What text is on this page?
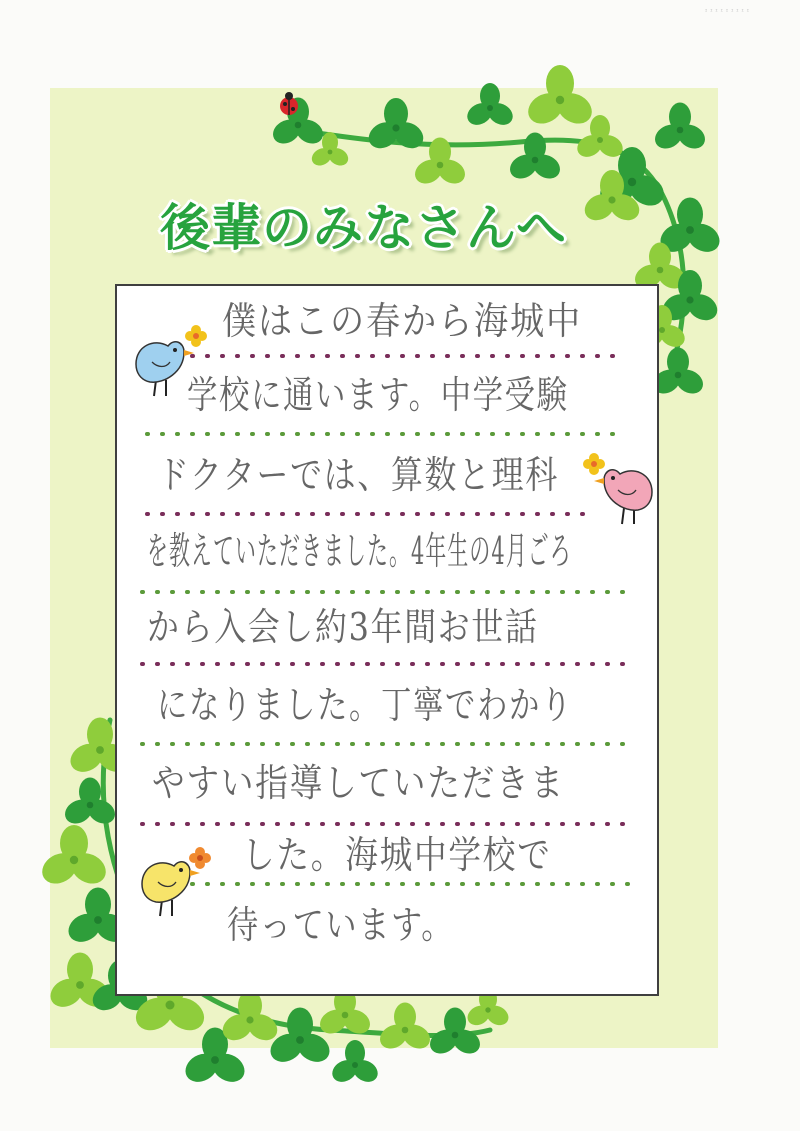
ᴵᴵᴵᴵᴵᴵᴵᴵᴵ
後輩のみなさんへ

僕はこの春から海城中

学校に通います。中学受験

ドクターでは、算数と理科

を教えていただきました。4年生の4月ごろ

から入会し約3年間お世話

になりました。丁寧でわかり

やすい指導していただきま

した。海城中学校で

待っています。
